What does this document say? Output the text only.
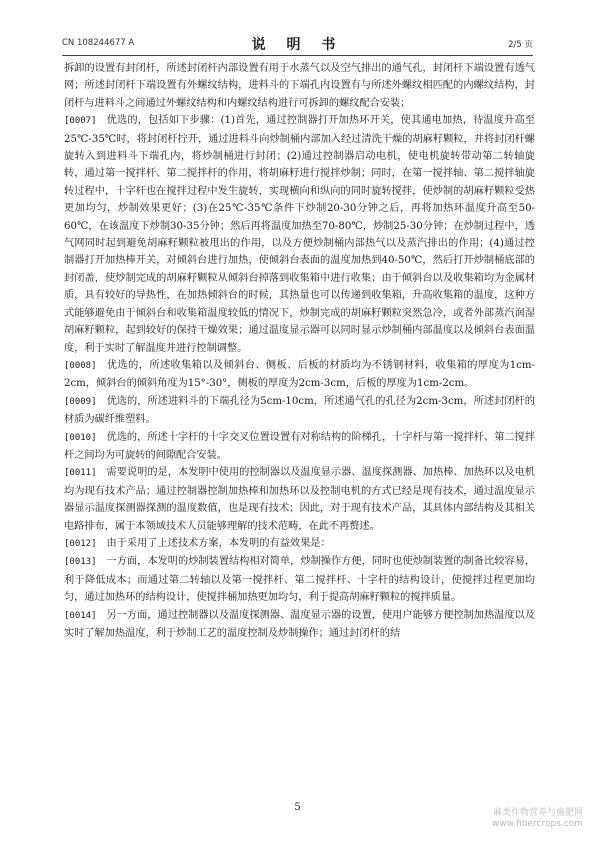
CN 108244677 A	说 明 书	2/5 页

拆卸的设置有封闭杆，所述封闭杆内部设置有用于水蒸气以及空气排出的通气孔，封闭杆下端设置有透气网；所述封闭杆下端设置有外螺纹结构，进料斗的下端孔内设置有与所述外螺纹相匹配的内螺纹结构，封闭杆与进料斗之间通过外螺纹结构和内螺纹结构进行可拆卸的螺纹配合安装；

[0007] 优选的，包括如下步骤：(1)首先，通过控制器打开加热环开关，使其通电加热，待温度升高至25℃-35℃时，将封闭杆拧开，通过进料斗向炒制桶内部加入经过清洗干燥的胡麻籽颗粒，并将封闭杆螺旋转入到进料斗下端孔内，将炒制桶进行封闭；(2)通过控制器启动电机，使电机旋转带动第二转轴旋转，通过第一搅拌杆、第二搅拌杆的作用，将胡麻籽进行搅拌炒制；同时，在第一搅拌轴、第二搅拌轴旋转过程中，十字杆也在搅拌过程中发生旋转，实现横向和纵向的同时旋转搅拌，使炒制的胡麻籽颗粒受热更加均匀，炒制效果更好；(3)在25℃-35℃条件下炒制20-30分钟之后，再将加热环温度升高至50-60℃，在该温度下炒制30-35分钟；然后再将温度加热至70-80℃，炒制25-30分钟；在炒制过程中，透气网同时起到避免胡麻籽颗粒被甩出的作用，以及方便炒制桶内部热气以及蒸汽排出的作用；(4)通过控制器打开加热棒开关，对倾斜台进行加热，使倾斜台表面的温度加热到40-50℃，然后打开炒制桶底部的封闭盖，使炒制完成的胡麻籽颗粒从倾斜台掉落到收集箱中进行收集；由于倾斜台以及收集箱均为金属材质，具有较好的导热性，在加热倾斜台的时候，其热量也可以传递到收集箱，升高收集箱的温度，这种方式能够避免由于倾斜台和收集箱温度较低的情况下，炒制完成的胡麻籽颗粒突然急冷，或者外部蒸汽润湿胡麻籽颗粒，起到较好的保持干燥效果；通过温度显示器可以同时显示炒制桶内部温度以及倾斜台表面温度，利于实时了解温度并进行控制调整。

[0008] 优选的，所述收集箱以及倾斜台、侧板、后板的材质均为不锈钢材料，收集箱的厚度为1cm-2cm，倾斜台的倾斜角度为15°-30°，侧板的厚度为2cm-3cm，后板的厚度为1cm-2cm。

[0009] 优选的，所述进料斗的下端孔径为5cm-10cm，所述通气孔的孔径为2cm-3cm，所述封闭杆的材质为碳纤维塑料。

[0010] 优选的，所述十字杆的十字交叉位置设置有对称结构的阶梯孔，十字杆与第一搅拌杆、第二搅拌杆之间均为可旋转的间隙配合安装。

[0011] 需要说明的是，本发明中使用的控制器以及温度显示器、温度探测器、加热棒、加热环以及电机均为现有技术产品；通过控制器控制加热棒和加热环以及控制电机的方式已经是现有技术，通过温度显示器显示温度探测器探测的温度数值，也是现有技术；因此，对于现有技术产品，其具体内部结构及其相关电路排布，属于本领域技术人员能够理解的技术范畴，在此不再赘述。

[0012] 由于采用了上述技术方案，本发明的有益效果是：

[0013] 一方面，本发明的炒制装置结构相对简单，炒制操作方便，同时也使炒制装置的制备比较容易，利于降低成本；而通过第二转轴以及第一搅拌杆、第二搅拌杆、十字杆的结构设计，使搅拌过程更加均匀，通过加热环的结构设计，使搅拌桶加热更加均匀，利于提高胡麻籽颗粒的搅拌质量。

[0014] 另一方面，通过控制器以及温度探测器、温度显示器的设置，使用户能够方便控制加热温度以及实时了解加热温度，利于炒制工艺的温度控制及炒制操作；通过封闭杆的结

5	麻类作物营养与施肥网
www.fibercrops.com
